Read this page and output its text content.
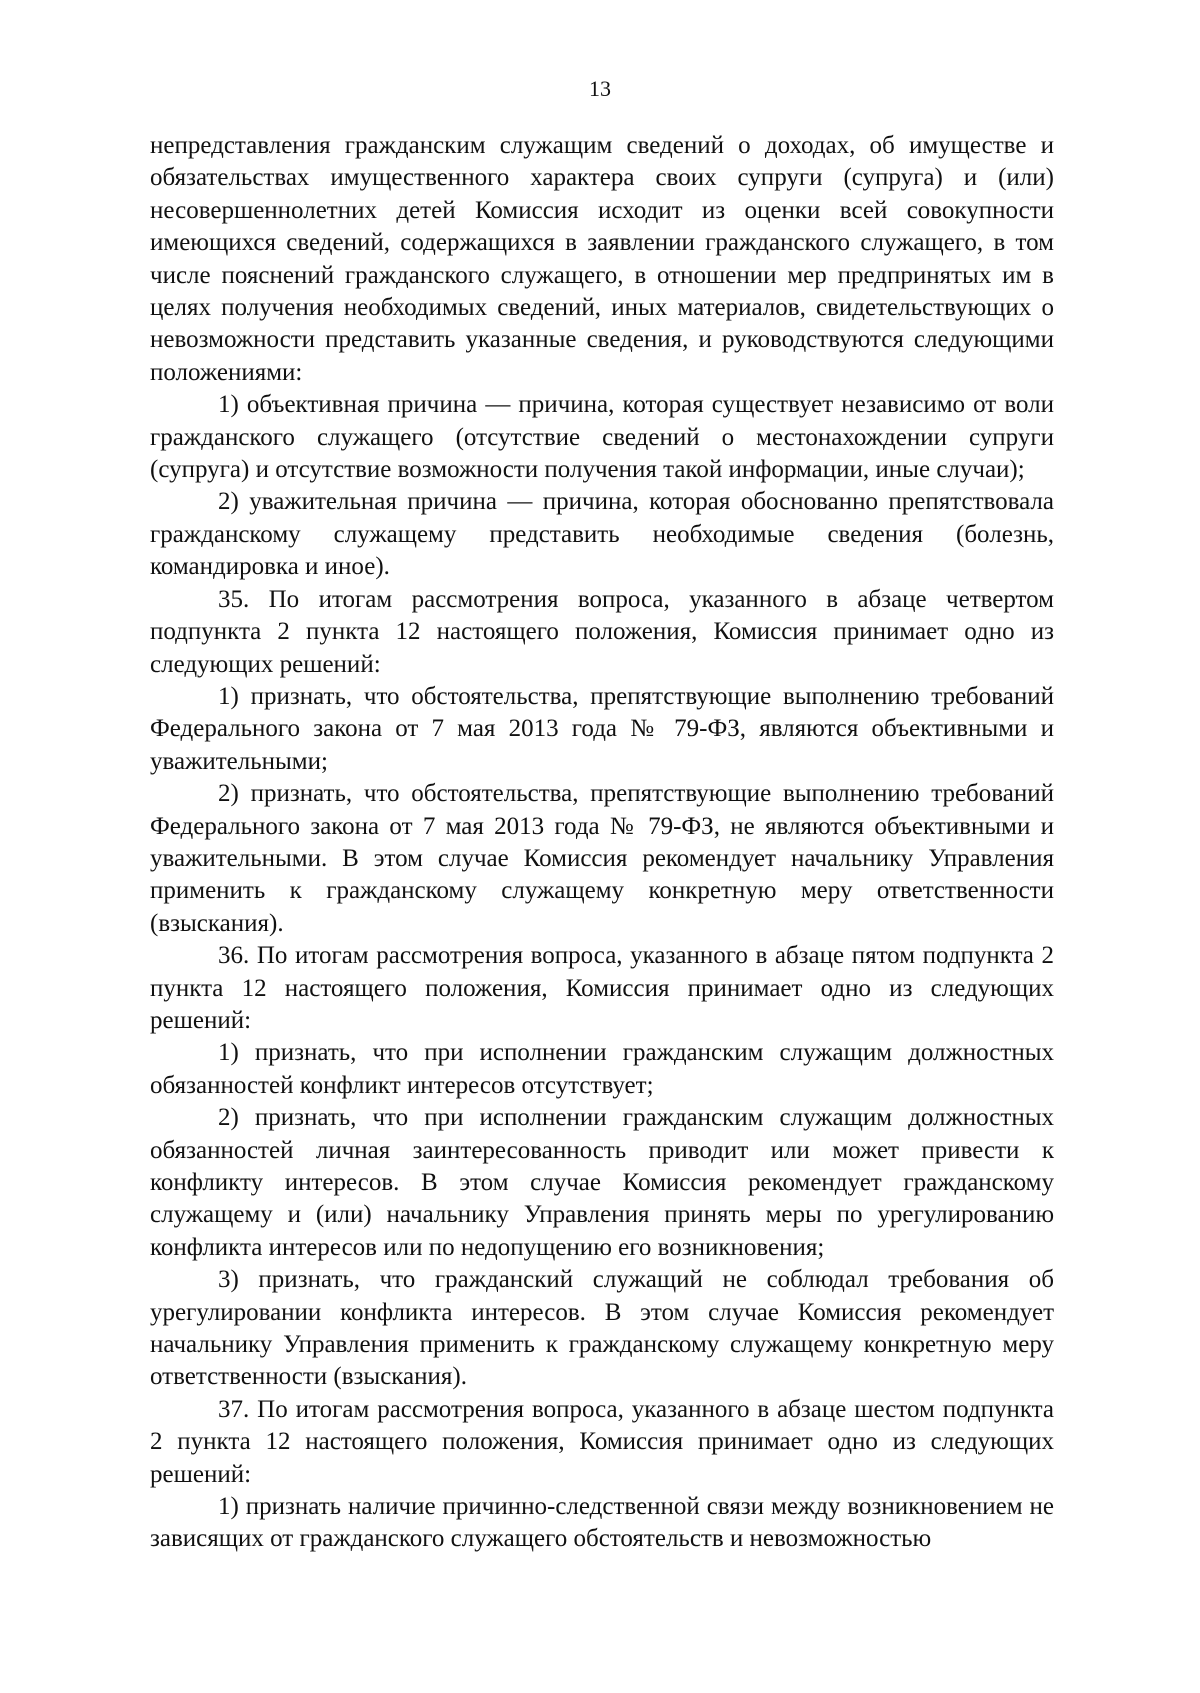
13

непредставления гражданским служащим сведений о доходах, об имуществе и обязательствах имущественного характера своих супруги (супруга) и (или) несовершеннолетних детей Комиссия исходит из оценки всей совокупности имеющихся сведений, содержащихся в заявлении гражданского служащего, в том числе пояснений гражданского служащего, в отношении мер предпринятых им в целях получения необходимых сведений, иных материалов, свидетельствующих о невозможности представить указанные сведения, и руководствуются следующими положениями:

1) объективная причина — причина, которая существует независимо от воли гражданского служащего (отсутствие сведений о местонахождении супруги (супруга) и отсутствие возможности получения такой информации, иные случаи);

2) уважительная причина — причина, которая обоснованно препятствовала гражданскому служащему представить необходимые сведения (болезнь, командировка и иное).

35. По итогам рассмотрения вопроса, указанного в абзаце четвертом подпункта 2 пункта 12 настоящего положения, Комиссия принимает одно из следующих решений:

1) признать, что обстоятельства, препятствующие выполнению требований Федерального закона от 7 мая 2013 года № 79-ФЗ, являются объективными и уважительными;

2) признать, что обстоятельства, препятствующие выполнению требований Федерального закона от 7 мая 2013 года № 79-ФЗ, не являются объективными и уважительными. В этом случае Комиссия рекомендует начальнику Управления применить к гражданскому служащему конкретную меру ответственности (взыскания).

36. По итогам рассмотрения вопроса, указанного в абзаце пятом подпункта 2 пункта 12 настоящего положения, Комиссия принимает одно из следующих решений:

1) признать, что при исполнении гражданским служащим должностных обязанностей конфликт интересов отсутствует;

2) признать, что при исполнении гражданским служащим должностных обязанностей личная заинтересованность приводит или может привести к конфликту интересов. В этом случае Комиссия рекомендует гражданскому служащему и (или) начальнику Управления принять меры по урегулированию конфликта интересов или по недопущению его возникновения;

3) признать, что гражданский служащий не соблюдал требования об урегулировании конфликта интересов. В этом случае Комиссия рекомендует начальнику Управления применить к гражданскому служащему конкретную меру ответственности (взыскания).

37. По итогам рассмотрения вопроса, указанного в абзаце шестом подпункта 2 пункта 12 настоящего положения, Комиссия принимает одно из следующих решений:

1) признать наличие причинно-следственной связи между возникновением не зависящих от гражданского служащего обстоятельств и невозможностью
